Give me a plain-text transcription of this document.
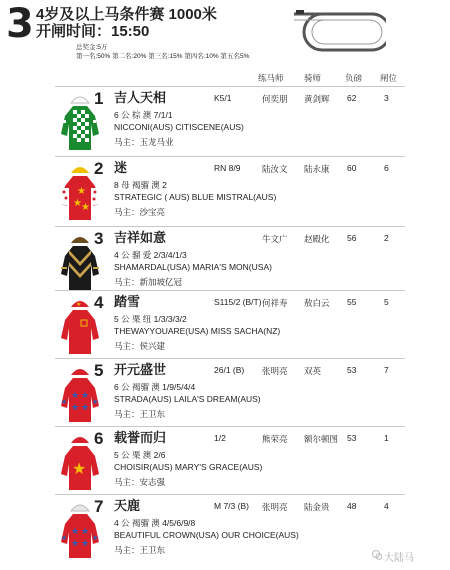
3 4岁及以上马条件赛 1000米
开闸时间：15:50
总奖金:5万
第一名:50% 第二名:20% 第三名:15% 第四名:10% 第五名5%
练马师 骑师	负磅 闸位
1 吉人天相	K5/1	何奕朋 黄剑辉 62	3
6 公 棕 澳 7/1/1
NICCONI(AUS) CITISCENE(AUS)
马主：玉龙马业
★
★ ★
2 迷	RN 8/9	陆汝文 陆永康 60	6
8 母 褐骝 澳 2
STRATEGIC ( AUS) BLUE MISTRAL(AUS)
马主：沙宝亮
3 吉祥如意	牛文广 赵殿化 56	2
4 公 骝 爱 2/3/4/1/3
SHAMARDAL(USA) MARIA'S MON(USA)
马主：新加坡亿冠
★ 4 踏雪	S115/2 (B/T) 何祥寿 敖白云 55	5
5 公 栗 纽 1/3/3/3/2
THEWAYYOUARE(USA) MISS SACHA(NZ)
马主：侯兴建
★ ★
★ ★
★	★
5 开元盛世	26/1 (B) 张明亮 双英	53	7
6 公 褐骝 澳 1/9/5/4/4
STRADA(AUS) LAILA'S DREAM(AUS)
马主：王卫东
★
6 载誉而归	1/2	熊荣亮 额尔顿图 53	1
5 公 栗 澳 2/6
CHOISIR(AUS) MARY'S GRACE(AUS)
马主：安志强
★ ★
★ ★
★	★
7 天鹿	M 7/3 (B) 张明亮 陆金贵 48	4
4 公 褐骝 澳 4/5/6/9/8
BEAUTIFUL CROWN(USA) OUR CHOICE(AUS)
马主：王卫东
大陆马
